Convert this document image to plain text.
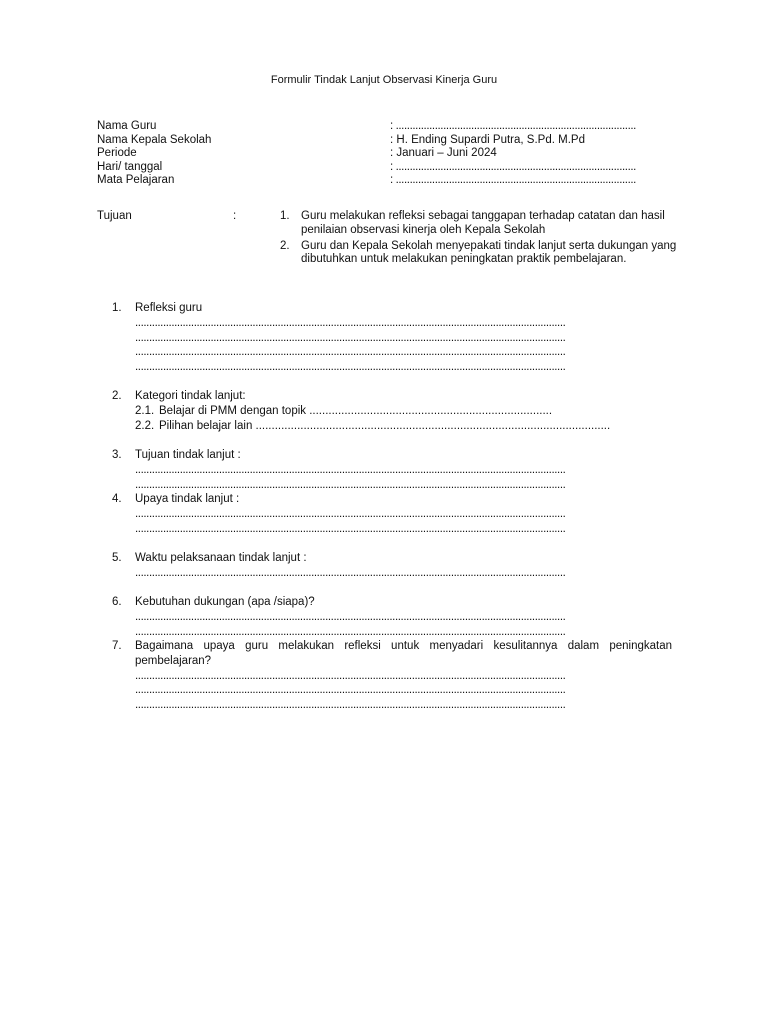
Formulir Tindak Lanjut Observasi Kinerja Guru
Nama Guru	: ......................................................................................
Nama Kepala Sekolah	: H. Ending Supardi Putra, S.Pd. M.Pd
Periode	: Januari – Juni 2024
Hari/ tanggal	: ......................................................................................
Mata Pelajaran	: ......................................................................................
Tujuan	:	1. Guru melakukan refleksi sebagai tanggapan terhadap catatan dan hasil penilaian observasi kinerja oleh Kepala Sekolah
2. Guru dan Kepala Sekolah menyepakati tindak lanjut serta dukungan yang dibutuhkan untuk melakukan peningkatan praktik pembelajaran.
1. Refleksi guru
..........................................................................................................................................................
..........................................................................................................................................................
..........................................................................................................................................................
..........................................................................................................................................................
2. Kategori tindak lanjut:
2.1. Belajar di PMM dengan topik ............................................................................
2.2. Pilihan belajar lain ...............................................................................................................
3. Tujuan tindak lanjut :
..........................................................................................................................................................
..........................................................................................................................................................
4. Upaya tindak lanjut :
..........................................................................................................................................................
..........................................................................................................................................................
5. Waktu pelaksanaan tindak lanjut :
..........................................................................................................................................................
6. Kebutuhan dukungan (apa /siapa)?
..........................................................................................................................................................
..........................................................................................................................................................
7. Bagaimana upaya guru melakukan refleksi untuk menyadari kesulitannya dalam peningkatan pembelajaran?
..........................................................................................................................................................
..........................................................................................................................................................
..........................................................................................................................................................
